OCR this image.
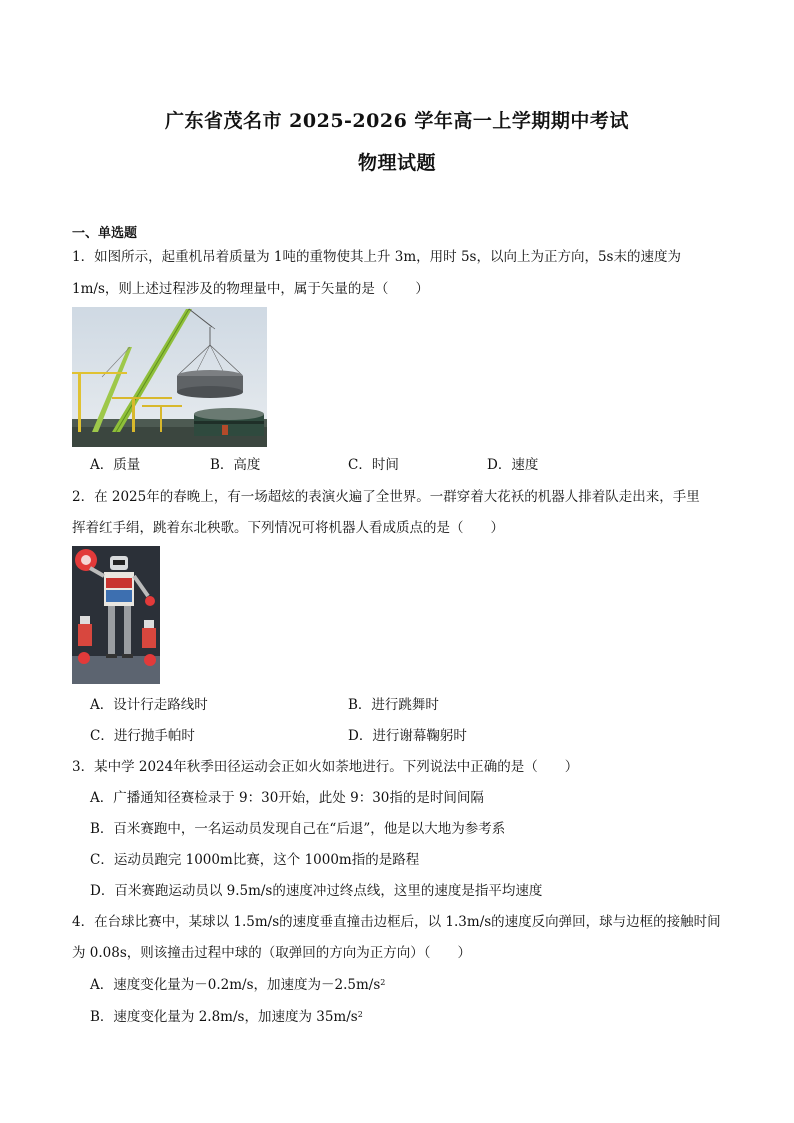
广东省茂名市 2025-2026 学年高一上学期期中考试
物理试题
一、单选题
1．如图所示，起重机吊着质量为 1吨的重物使其上升 3m，用时 5s，以向上为正方向，5s末的速度为
1m/s，则上述过程涉及的物理量中，属于矢量的是（　　）
A．质量	B．高度	C．时间	D．速度
2．在 2025年的春晚上，有一场超炫的表演火遍了全世界。一群穿着大花袄的机器人排着队走出来，手里
挥着红手绢，跳着东北秧歌。下列情况可将机器人看成质点的是（　　）
A．设计行走路线时	B．进行跳舞时
C．进行抛手帕时	D．进行谢幕鞠躬时
3．某中学 2024年秋季田径运动会正如火如荼地进行。下列说法中正确的是（　　）
A．广播通知径赛检录于 9：30开始，此处 9：30指的是时间间隔
B．百米赛跑中，一名运动员发现自己在“后退”，他是以大地为参考系
C．运动员跑完 1000m比赛，这个 1000m指的是路程
D．百米赛跑运动员以 9.5m/s的速度冲过终点线，这里的速度是指平均速度
4．在台球比赛中，某球以 1.5m/s的速度垂直撞击边框后，以 1.3m/s的速度反向弹回，球与边框的接触时间
为 0.08s，则该撞击过程中球的（取弹回的方向为正方向）（　　）
A．速度变化量为－0.2m/s，加速度为$-2.5m/s^2$
B．速度变化量为 2.8m/s，加速度为 $35m/s^2$
